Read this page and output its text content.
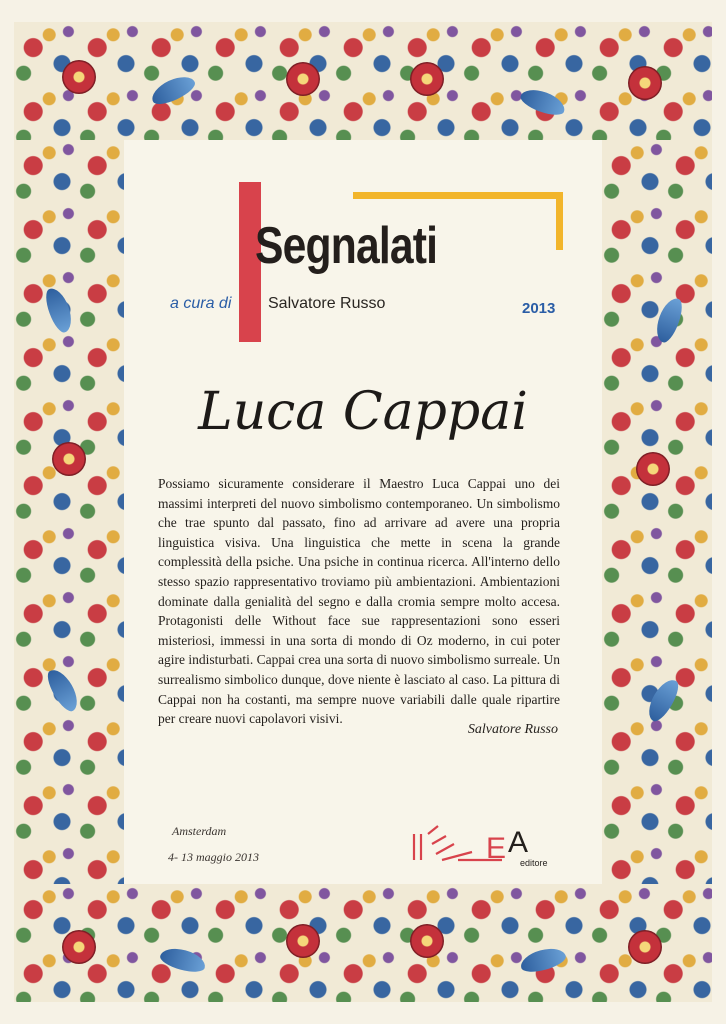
Segnalati
a cura di Salvatore Russo	2013
Luca Cappai
Possiamo sicuramente considerare il Maestro Luca Cappai uno dei massimi interpreti del nuovo simbolismo contemporaneo. Un simbolismo che trae spunto dal passato, fino ad arrivare ad avere una propria linguistica visiva. Una linguistica che mette in scena la grande complessità della psiche. Una psiche in continua ricerca. All'interno dello stesso spazio rappresentativo troviamo più ambientazioni. Ambientazioni dominate dalla genialità del segno e dalla cromia sempre molto accesa. Protagonisti delle Without face sue rappresentazioni sono esseri misteriosi, immessi in una sorta di mondo di Oz moderno, in cui poter agire indisturbati. Cappai crea una sorta di nuovo simbolismo surreale. Un surrealismo simbolico dunque, dove niente è lasciato al caso. La pittura di Cappai non ha costanti, ma sempre nuove variabili dalle quale ripartire per creare nuovi capolavori visivi.
Salvatore Russo
Amsterdam
4- 13 maggio 2013	E A
editore
